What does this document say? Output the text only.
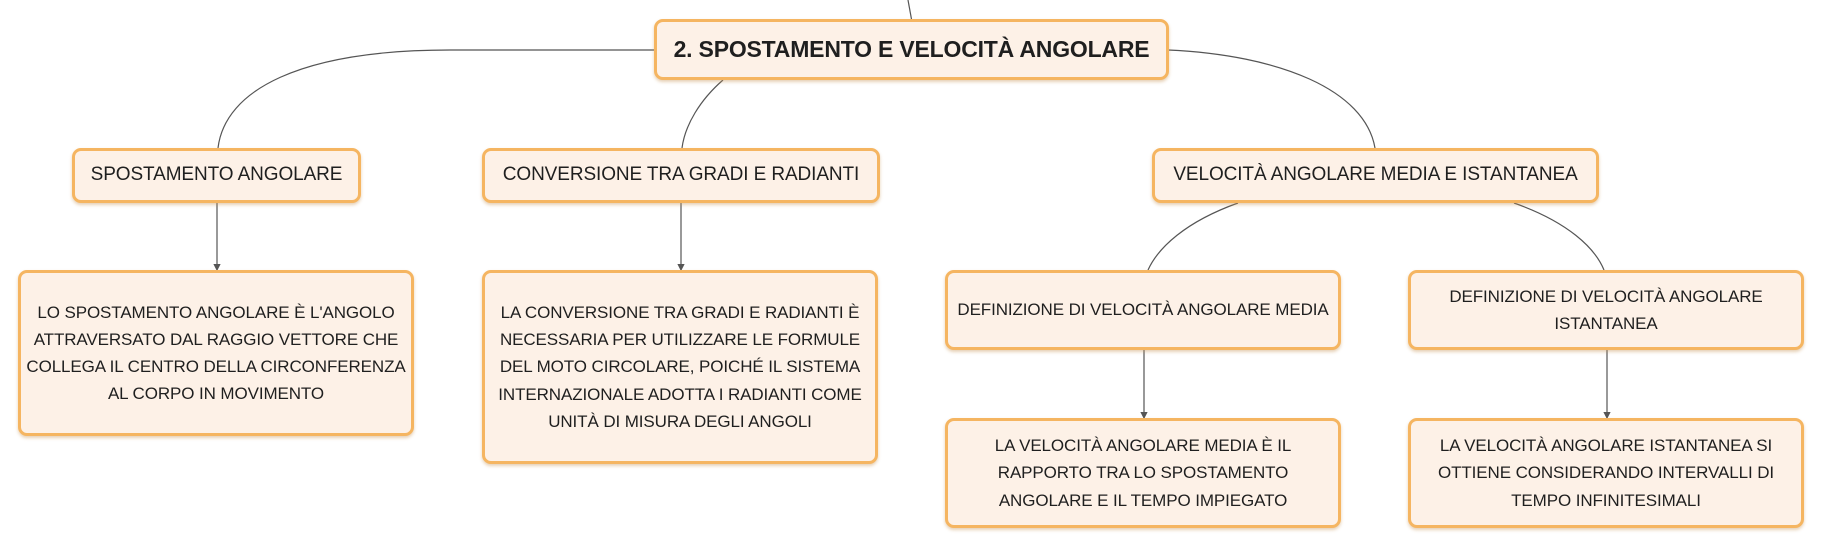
2. SPOSTAMENTO E VELOCITÀ ANGOLARE
SPOSTAMENTO ANGOLARE	CONVERSIONE TRA GRADI E RADIANTI	VELOCITÀ ANGOLARE MEDIA E ISTANTANEA
LO SPOSTAMENTO ANGOLARE È L'ANGOLO ATTRAVERSATO DAL RAGGIO VETTORE CHE COLLEGA IL CENTRO DELLA CIRCONFERENZA AL CORPO IN MOVIMENTO
LA CONVERSIONE TRA GRADI E RADIANTI È NECESSARIA PER UTILIZZARE LE FORMULE DEL MOTO CIRCOLARE, POICHÉ IL SISTEMA INTERNAZIONALE ADOTTA I RADIANTI COME UNITÀ DI MISURA DEGLI ANGOLI
DEFINIZIONE DI VELOCITÀ ANGOLARE MEDIA
DEFINIZIONE DI VELOCITÀ ANGOLARE ISTANTANEA
LA VELOCITÀ ANGOLARE MEDIA È IL RAPPORTO TRA LO SPOSTAMENTO ANGOLARE E IL TEMPO IMPIEGATO
LA VELOCITÀ ANGOLARE ISTANTANEA SI OTTIENE CONSIDERANDO INTERVALLI DI TEMPO INFINITESIMALI
